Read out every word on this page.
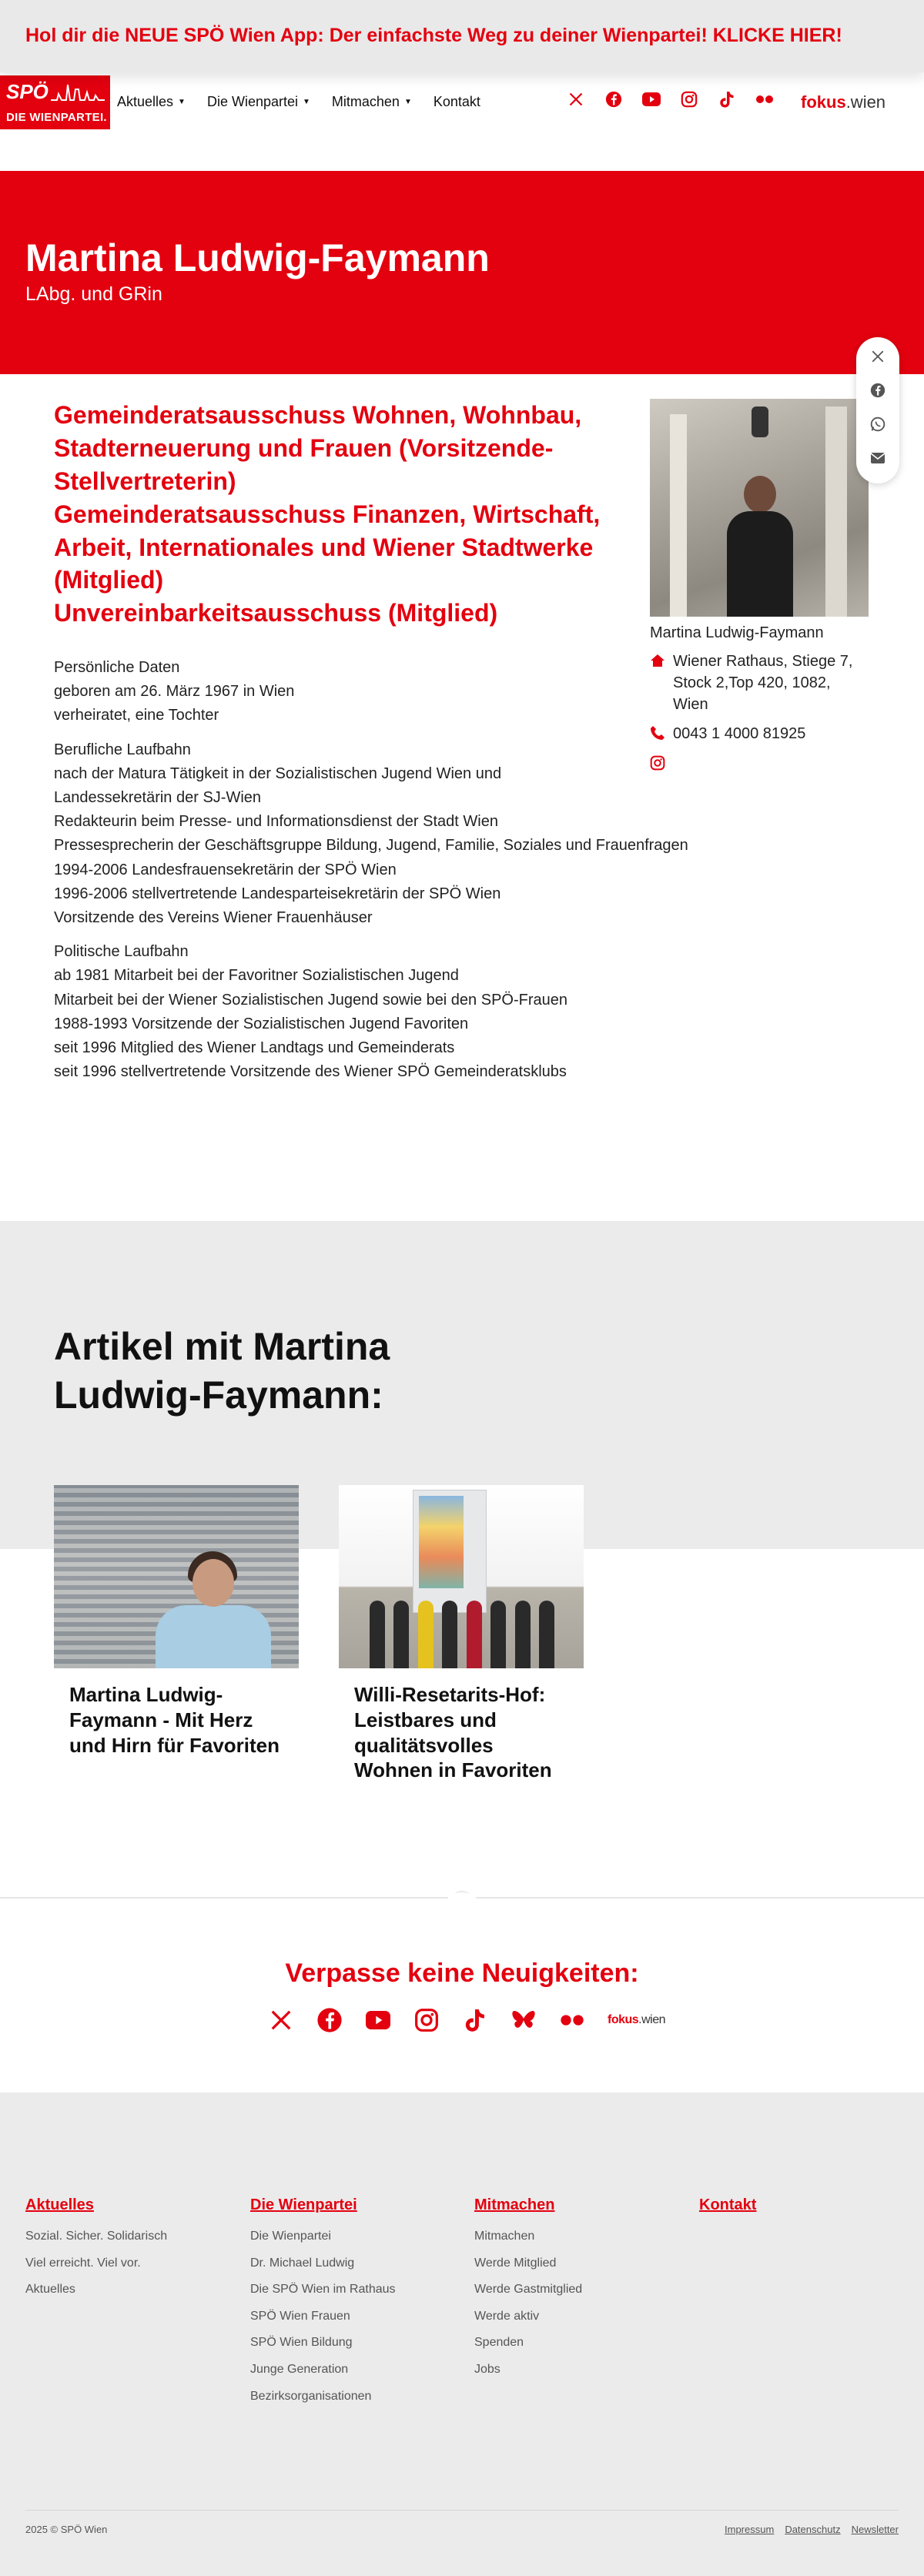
Hol dir die NEUE SPÖ Wien App: Der einfachste Weg zu deiner Wienpartei! KLICKE HIER!
SPÖ
DIE WIENPARTEI.
Aktuelles ▼ Die Wienpartei ▼ Mitmachen ▼ Kontakt	fokus.wien
Martina Ludwig-Faymann
LAbg. und GRin

Gemeinderatsausschuss Wohnen, Wohnbau, Stadterneuerung und Frauen (Vorsitzende-Stellvertreterin)

Gemeinderatsausschuss Finanzen, Wirtschaft, Arbeit, Internationales und Wiener Stadtwerke (Mitglied)

Unvereinbarkeitsausschuss (Mitglied)

Martina Ludwig-Faymann
Wiener Rathaus, Stiege 7, Stock 2,Top 420, 1082, Wien
0043 1 4000 81925
Persönliche Daten
geboren am 26. März 1967 in Wien
verheiratet, eine Tochter
Berufliche Laufbahn
nach der Matura Tätigkeit in der Sozialistischen Jugend Wien und
Landessekretärin der SJ-Wien
Redakteurin beim Presse- und Informationsdienst der Stadt Wien
Pressesprecherin der Geschäftsgruppe Bildung, Jugend, Familie, Soziales und Frauenfragen
1994-2006 Landesfrauensekretärin der SPÖ Wien
1996-2006 stellvertretende Landesparteisekretärin der SPÖ Wien
Vorsitzende des Vereins Wiener Frauenhäuser
Politische Laufbahn
ab 1981 Mitarbeit bei der Favoritner Sozialistischen Jugend
Mitarbeit bei der Wiener Sozialistischen Jugend sowie bei den SPÖ-Frauen
1988-1993 Vorsitzende der Sozialistischen Jugend Favoriten
seit 1996 Mitglied des Wiener Landtags und Gemeinderats
seit 1996 stellvertretende Vorsitzende des Wiener SPÖ Gemeinderatsklubs
Artikel mit Martina Ludwig-Faymann:
Martina Ludwig-Faymann - Mit Herz und Hirn für Favoriten
Willi-Resetarits-Hof: Leistbares und qualitätsvolles Wohnen in Favoriten
⌒
Verpasse keine Neuigkeiten:
fokus.wien
Aktuelles
Sozial. Sicher. Solidarisch
Viel erreicht. Viel vor.
Aktuelles
Die Wienpartei
Die Wienpartei
Dr. Michael Ludwig
Die SPÖ Wien im Rathaus
SPÖ Wien Frauen
SPÖ Wien Bildung
Junge Generation
Bezirksorganisationen
Mitmachen
Mitmachen
Werde Mitglied
Werde Gastmitglied
Werde aktiv
Spenden
Jobs
Kontakt
2025 © SPÖ Wien	Impressum Datenschutz Newsletter
